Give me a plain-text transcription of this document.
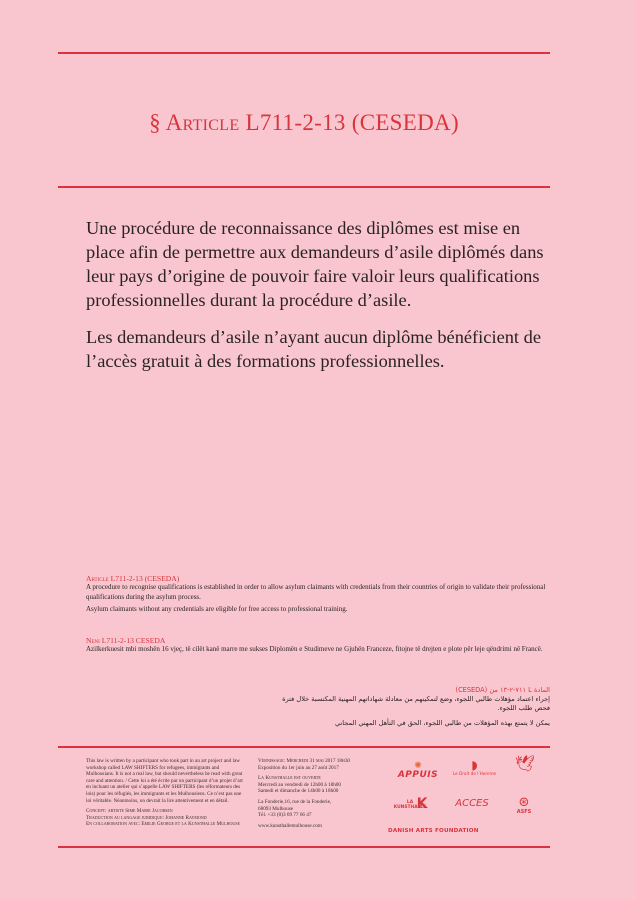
§ Article L711-2-13 (CESEDA)

Une procédure de reconnaissance des diplômes est mise en place afin de permettre aux demandeurs d’asile diplômés dans leur pays d’origine de pouvoir faire valoir leurs qualifications professionnelles durant la procédure d’asile.

Les demandeurs d’asile n’ayant aucun diplôme bénéficient de l’accès gratuit à des formations professionnelles.

Article L711-2-13 (CESEDA)

A procedure to recognise qualifications is established in order to allow asylum claimants with credentials from their countries of origin to validate their professional qualifications during the asylum process.

Asylum claimants without any credentials are eligible for free access to professional training.

Neni L711-2-13 CESEDA

Azilkerkuesit mbi moshën 16 vjeç, të cilët kanë marre me sukses Diplomën e Studimeve ne Gjuhën Franceze, fitojne të drejten e plote për leje qëndrimi në Francë.

المادة L ٧١١-٢-١٣ من (CESEDA)

إجراء اعتماد مؤهلات طالبي اللجوء، وضع لتمكينهم من معادلة شهاداتهم المهنية المكتسبة خلال فترة فحص طلب اللجوء.

يمكن لا يتمتع بهذه المؤهلات من طالبي اللجوء، الحق في التأهل المهني المجاني

This law is written by a participant who took part in an art project and law workshop called LAW SHIFTERS for refugees, immigrants and Mulhousians. It is not a real law, but should nevertheless be read with great care and attention. / Cette loi a été écrite par un participant d’un projet d’art en incluant un atelier qui s’appelle LAW SHIFTERS (les réformateurs des lois) pour les réfugiés, les immigrants et les Mulhousiens. Ce n’est pas une loi véritable. Néanmoins, on devrait la lire attentivement et en détail.

Concept: artiste Sime Marie Jacobsen
Traduction au langage juridique: Johanne Raymond
En collaboration avec: Emilie George et la Kunsthalle Mulhouse
Vernissage: Mercredi 31 mai 2017 18h30
Exposition du 1er juin au 27 août 2017
La Kunsthalle est ouverte
Mercredi au vendredi de 12h00 à 18h00
Samedi et dimanche de 14h00 à 18h00
La Fonderie,16, rue de la Fonderie,
68093 Mulhouse
Tél. +33 (0)3 69 77 66 47
www.kunsthallemulhouse.com
✺
APPUIS
◗
Le Droit de l’Homme
🕊
LA KUNSTHALLE
K	ACCES	⊛
ASFS
DANISH ARTS FOUNDATION
